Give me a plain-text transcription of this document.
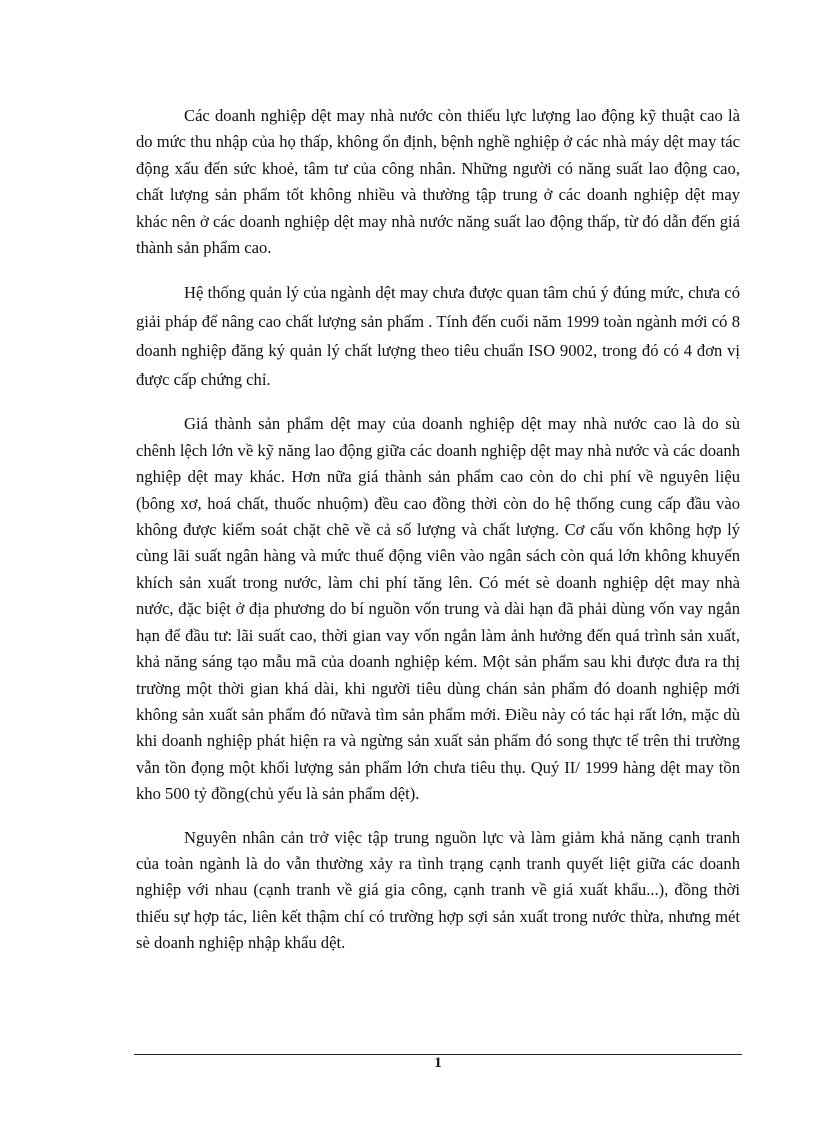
Các doanh nghiệp dệt may nhà nước còn thiếu lực lượng lao động kỹ thuật cao là do mức thu nhập của họ thấp, không ổn định, bệnh nghề nghiệp ở các nhà máy dệt may tác động xấu đến sức khoẻ, tâm tư của công nhân. Những người có năng suất lao động cao, chất lượng sản phẩm tốt không nhiều và thường tập trung ở các doanh nghiệp dệt may khác nên ở các doanh nghiệp dệt may nhà nước năng suất lao động thấp, từ đó dẫn đến giá thành sản phẩm cao.

Hệ thống quản lý của ngành dệt may chưa được quan tâm chú ý đúng mức, chưa có giải pháp để nâng cao chất lượng sản phẩm . Tính đến cuối năm 1999 toàn ngành mới có 8 doanh nghiệp đăng ký quản lý chất lượng theo tiêu chuẩn ISO 9002, trong đó có 4 đơn vị được cấp chứng chỉ.

Giá thành sản phẩm dệt may của doanh nghiệp dệt may nhà nước cao là do sù chênh lệch lớn về kỹ năng lao động giữa các doanh nghiệp dệt may nhà nước và các doanh nghiệp dệt may khác. Hơn nữa giá thành sản phẩm cao còn do chi phí về nguyên liệu (bông xơ, hoá chất, thuốc nhuộm) đều cao đồng thời còn do hệ thống cung cấp đầu vào không được kiểm soát chặt chẽ về cả số lượng và chất lượng. Cơ cấu vốn không hợp lý cùng lãi suất ngân hàng và mức thuế động viên vào ngân sách còn quá lớn không khuyến khích sản xuất trong nước, làm chi phí tăng lên. Có mét sè doanh nghiệp dệt may nhà nước, đặc biệt ở địa phương do bí nguồn vốn trung và dài hạn đã phải dùng vốn vay ngắn hạn để đầu tư: lãi suất cao, thời gian vay vốn ngắn làm ảnh hưởng đến quá trình sản xuất, khả năng sáng tạo mẫu mã của doanh nghiệp kém. Một sản phẩm sau khi được đưa ra thị trường một thời gian khá dài, khi người tiêu dùng chán sản phẩm đó doanh nghiệp mới không sản xuất sản phẩm đó nữavà tìm sản phẩm mới. Điều này có tác hại rất lớn, mặc dù khi doanh nghiệp phát hiện ra và ngừng sản xuất sản phẩm đó song thực tế trên thi trường vẫn tồn đọng một khối lượng sản phẩm lớn chưa tiêu thụ. Quý II/ 1999 hàng dệt may tồn kho 500 tỷ đồng(chủ yếu là sản phẩm dệt).

Nguyên nhân cản trở việc tập trung nguồn lực và làm giảm khả năng cạnh tranh của toàn ngành là do vẫn thường xảy ra tình trạng cạnh tranh quyết liệt giữa các doanh nghiệp với nhau (cạnh tranh về giá gia công, cạnh tranh về giá xuất khẩu...), đồng thời thiếu sự hợp tác, liên kết thậm chí có trường hợp sợi sản xuất trong nước thừa, nhưng mét sè doanh nghiệp nhập khẩu dệt.

1
